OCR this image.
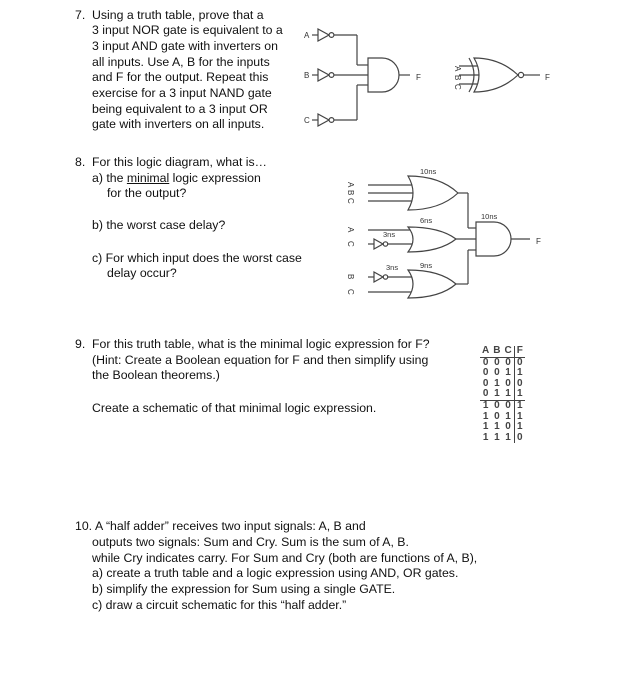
7. Using a truth table, prove that a
3 input NOR gate is equivalent to a
3 input AND gate with inverters on
all inputs. Use A, B for the inputs
and F for the output. Repeat this
exercise for a 3 input NAND gate
being equivalent to a 3 input OR
gate with inverters on all inputs.
A
B
C
F
A
B
C
F
8. For this logic diagram, what is…
a) the minimal logic expression
for the output?
b) the worst case delay?
c) For which input does the worst case
delay occur?
A
B
C
A
C
B
C
F
10ns
6ns	10ns
3ns
3ns	9ns
9. For this truth table, what is the minimal logic expression for F?
(Hint: Create a Boolean equation for F and then simplify using
the Boolean theorems.)
Create a schematic of that minimal logic expression.
A	B	C	F
0	0	0	0
0	0	1	1
0	1	0	0
0	1	1	1
1	0	0	1
1	0	1	1
1	1	0	1
1	1	1	0
10. A “half adder” receives two input signals: A, B and
outputs two signals: Sum and Cry. Sum is the sum of A, B.
while Cry indicates carry. For Sum and Cry (both are functions of A, B),
a) create a truth table and a logic expression using AND, OR gates.
b) simplify the expression for Sum using a single GATE.
c) draw a circuit schematic for this “half adder.”
